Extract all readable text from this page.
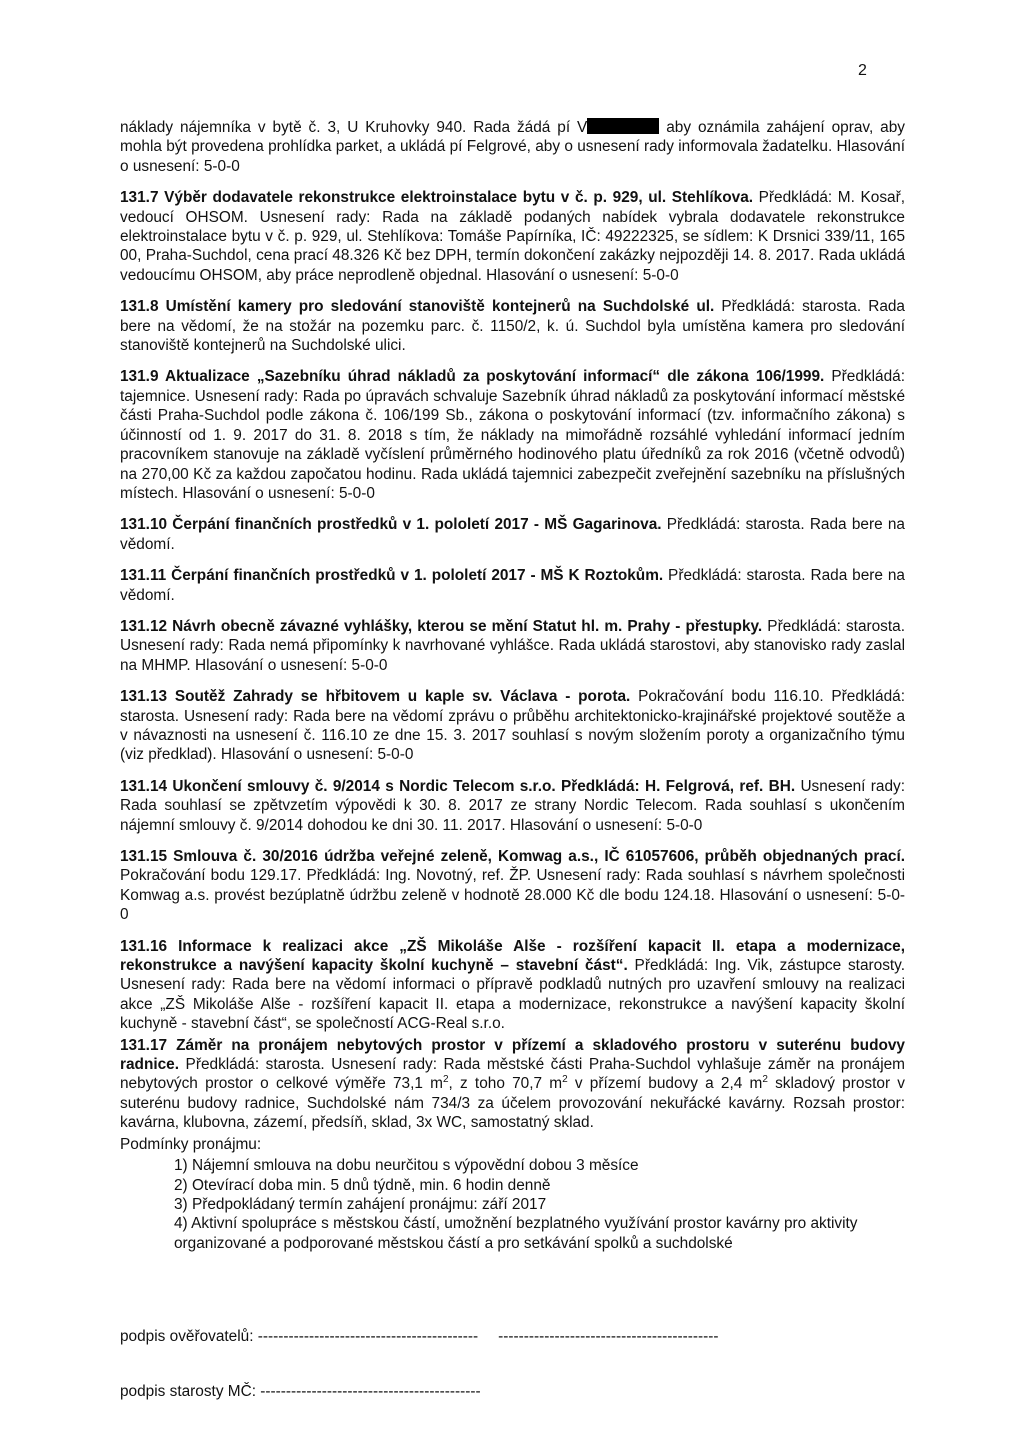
2

náklady nájemníka v bytě č. 3, U Kruhovky 940. Rada žádá pí V	aby oznámila zahájení oprav, aby mohla být provedena prohlídka parket, a ukládá pí Felgrové, aby o usnesení rady informovala žadatelku. Hlasování o usnesení: 5-0-0

131.7 Výběr dodavatele rekonstrukce elektroinstalace bytu v č. p. 929, ul. Stehlíkova. Předkládá: M. Kosař, vedoucí OHSOM. Usnesení rady: Rada na základě podaných nabídek vybrala dodavatele rekonstrukce elektroinstalace bytu v č. p. 929, ul. Stehlíkova: Tomáše Papírníka, IČ: 49222325, se sídlem: K Drsnici 339/11, 165 00, Praha-Suchdol, cena prací 48.326 Kč bez DPH, termín dokončení zakázky nejpozději 14. 8. 2017. Rada ukládá vedoucímu OHSOM, aby práce neprodleně objednal. Hlasování o usnesení: 5-0-0

131.8 Umístění kamery pro sledování stanoviště kontejnerů na Suchdolské ul. Předkládá: starosta. Rada bere na vědomí, že na stožár na pozemku parc. č. 1150/2, k. ú. Suchdol byla umístěna kamera pro sledování stanoviště kontejnerů na Suchdolské ulici.

131.9 Aktualizace „Sazebníku úhrad nákladů za poskytování informací“ dle zákona 106/1999. Předkládá: tajemnice. Usnesení rady: Rada po úpravách schvaluje Sazebník úhrad nákladů za poskytování informací městské části Praha-Suchdol podle zákona č. 106/199 Sb., zákona o poskytování informací (tzv. informačního zákona) s účinností od 1. 9. 2017 do 31. 8. 2018 s tím, že náklady na mimořádně rozsáhlé vyhledání informací jedním pracovníkem stanovuje na základě vyčíslení průměrného hodinového platu úředníků za rok 2016 (včetně odvodů) na 270,00 Kč za každou započatou hodinu. Rada ukládá tajemnici zabezpečit zveřejnění sazebníku na příslušných místech. Hlasování o usnesení: 5-0-0

131.10 Čerpání finančních prostředků v 1. pololetí 2017 - MŠ Gagarinova. Předkládá: starosta. Rada bere na vědomí.

131.11 Čerpání finančních prostředků v 1. pololetí 2017 - MŠ K Roztokům. Předkládá: starosta. Rada bere na vědomí.

131.12 Návrh obecně závazné vyhlášky, kterou se mění Statut hl. m. Prahy - přestupky. Předkládá: starosta. Usnesení rady: Rada nemá připomínky k navrhované vyhlášce. Rada ukládá starostovi, aby stanovisko rady zaslal na MHMP. Hlasování o usnesení: 5-0-0

131.13 Soutěž Zahrady se hřbitovem u kaple sv. Václava - porota. Pokračování bodu 116.10. Předkládá: starosta. Usnesení rady: Rada bere na vědomí zprávu o průběhu architektonicko-krajinářské projektové soutěže a v návaznosti na usnesení č. 116.10 ze dne 15. 3. 2017 souhlasí s novým složením poroty a organizačního týmu (viz předklad). Hlasování o usnesení: 5-0-0

131.14 Ukončení smlouvy č. 9/2014 s Nordic Telecom s.r.o. Předkládá: H. Felgrová, ref. BH. Usnesení rady: Rada souhlasí se zpětvzetím výpovědi k 30. 8. 2017 ze strany Nordic Telecom. Rada souhlasí s ukončením nájemní smlouvy č. 9/2014 dohodou ke dni 30. 11. 2017. Hlasování o usnesení: 5-0-0

131.15 Smlouva č. 30/2016 údržba veřejné zeleně, Komwag a.s., IČ 61057606, průběh objednaných prací. Pokračování bodu 129.17. Předkládá: Ing. Novotný, ref. ŽP. Usnesení rady: Rada souhlasí s návrhem společnosti Komwag a.s. provést bezúplatně údržbu zeleně v hodnotě 28.000 Kč dle bodu 124.18. Hlasování o usnesení: 5-0-0

131.16 Informace k realizaci akce „ZŠ Mikoláše Alše - rozšíření kapacit II. etapa a modernizace, rekonstrukce a navýšení kapacity školní kuchyně – stavební část“. Předkládá: Ing. Vik, zástupce starosty. Usnesení rady: Rada bere na vědomí informaci o přípravě podkladů nutných pro uzavření smlouvy na realizaci akce „ZŠ Mikoláše Alše - rozšíření kapacit II. etapa a modernizace, rekonstrukce a navýšení kapacity školní kuchyně - stavební část“, se společností ACG-Real s.r.o.

131.17 Záměr na pronájem nebytových prostor v přízemí a skladového prostoru v suterénu budovy radnice. Předkládá: starosta. Usnesení rady: Rada městské části Praha-Suchdol vyhlašuje záměr na pronájem nebytových prostor o celkové výměře 73,1 $m^2$, z toho 70,7 $m^2$ v přízemí budovy a 2,4 $m^2$ skladový prostor v suterénu budovy radnice, Suchdolské nám 734/3 za účelem provozování nekuřácké kavárny. Rozsah prostor: kavárna, klubovna, zázemí, předsíň, sklad, 3x WC, samostatný sklad.

Podmínky pronájmu:
1) Nájemní smlouva na dobu neurčitou s výpovědní dobou 3 měsíce
2) Otevírací doba min. 5 dnů týdně, min. 6 hodin denně
3) Předpokládaný termín zahájení pronájmu: září 2017
4) Aktivní spolupráce s městskou částí, umožnění bezplatného využívání prostor kavárny pro aktivity organizované a podporované městskou částí a pro setkávání spolků a suchdolské
podpis ověřovatelů: ------------------------------------------- -------------------------------------------
podpis starosty MČ: -------------------------------------------
